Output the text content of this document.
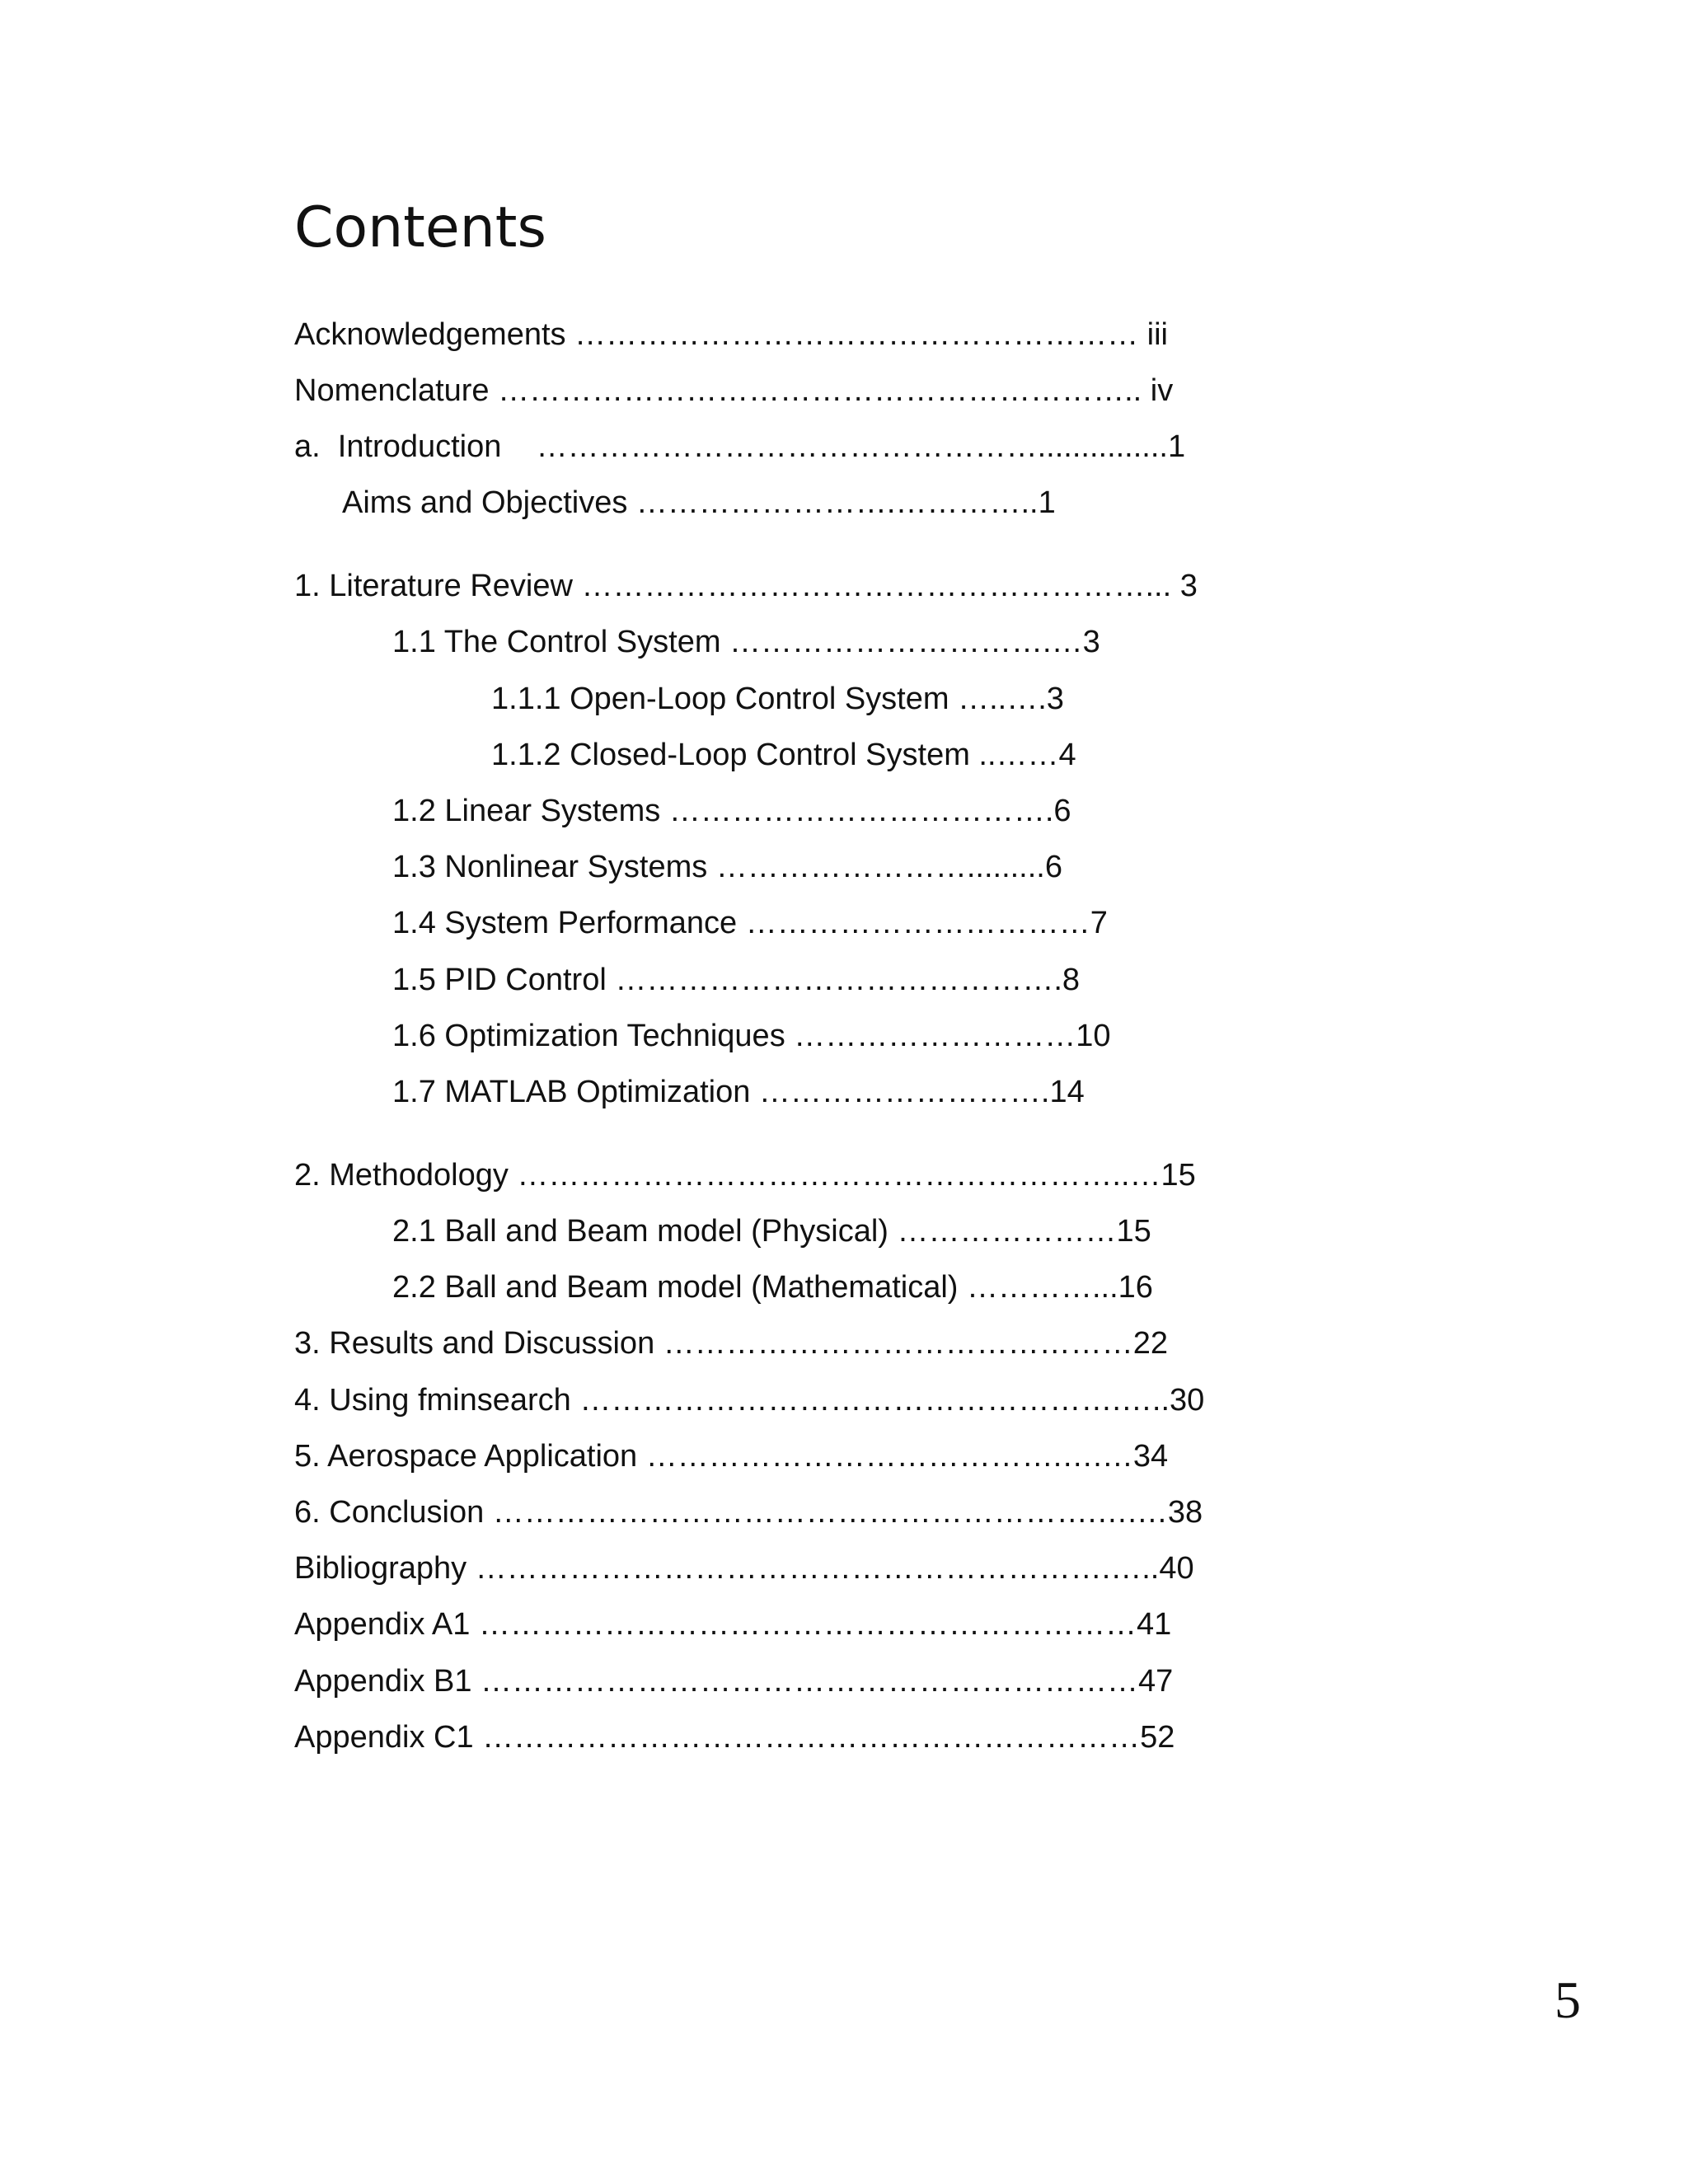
Contents
Acknowledgements ……………………………………………… iii
Nomenclature …………………………………………………….. iv
a.  Introduction    …………………………………………...............1
Aims and Objectives …………………….…………..1
1. Literature Review ………………………………………………... 3
1.1 The Control System ………………………….…3
1.1.1 Open-Loop Control System …..….3
1.1.2 Closed-Loop Control System ..……4
1.2 Linear Systems ……………………………….6
1.3 Nonlinear Systems …………………….........6
1.4 System Performance ……………………………7
1.5 PID Control …………………………………….8
1.6 Optimization Techniques ………………………10
1.7 MATLAB Optimization ……………………….14
2. Methodology …………………………………………………..…15
2.1 Ball and Beam model (Physical) …………………15
2.2 Ball and Beam model (Mathematical) …………...16
3. Results and Discussion ………………………………………22
4. Using fminsearch …………………………………………….…..30
5. Aerospace Application ………………………………….….…34
6. Conclusion ………………………………………………….….…38
Bibliography …………………………………………………….…..40
Appendix A1 ………………………………………………………41
Appendix B1 ………………………………………………………47
Appendix C1 ………………………………………………………52
5
